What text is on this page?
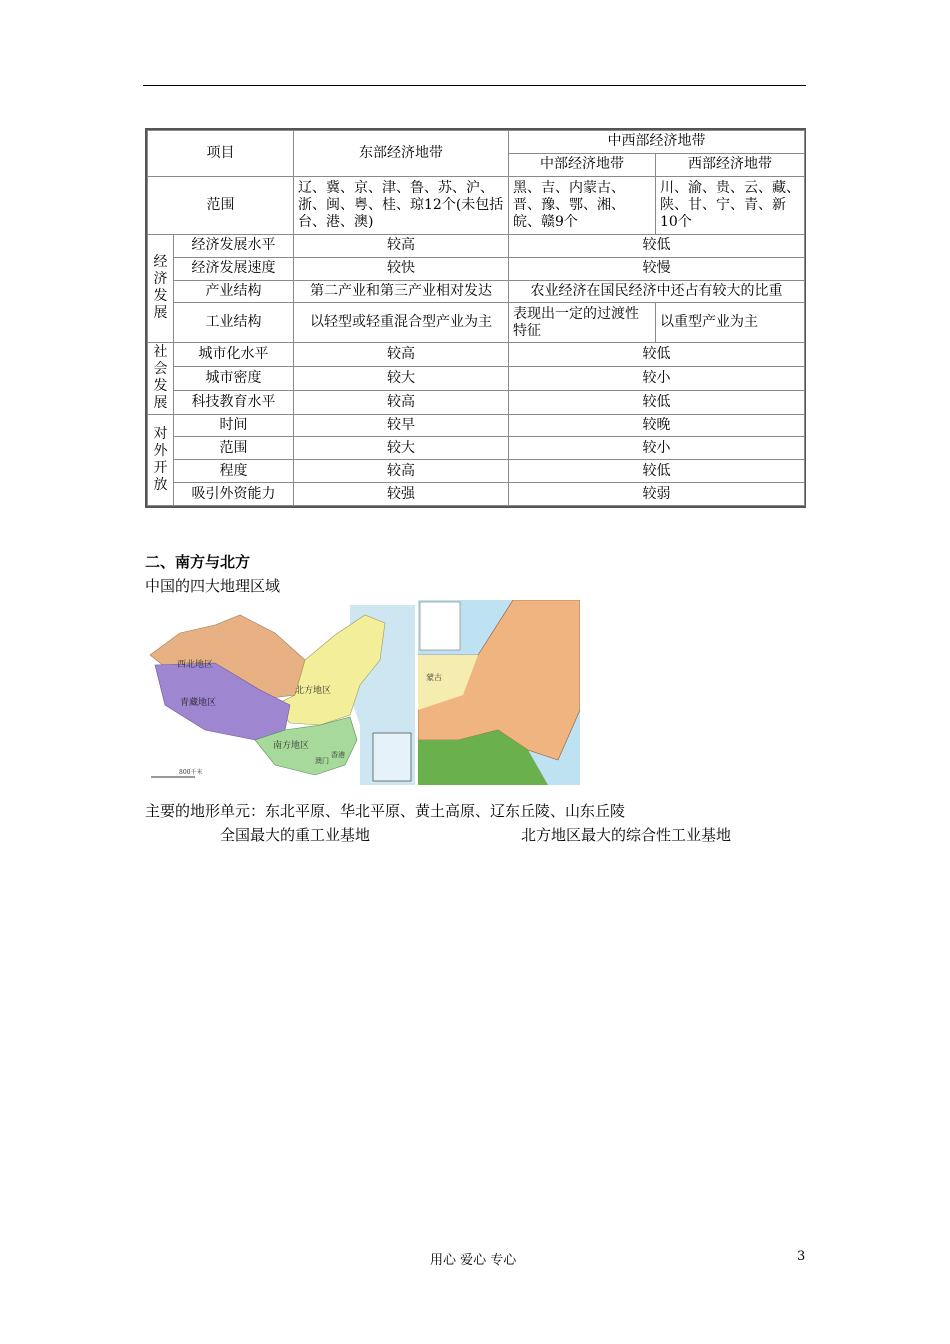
项目		东部经济地带	中西部经济地带	
			中部经济地带	西部经济地带
范围		辽、冀、京、津、鲁、苏、沪、浙、闽、粤、桂、琼12个(未包括台、港、澳)	黑、吉、内蒙古、晋、豫、鄂、湘、皖、赣9个	川、渝、贵、云、藏、陕、甘、宁、青、新10个
经
济
发
展	经济发展水平	较高	较低	
	经济发展速度	较快	较慢	
	产业结构	第二产业和第三产业相对发达	农业经济在国民经济中还占有较大的比重	
	工业结构	以轻型或轻重混合型产业为主	表现出一定的过渡性特征	以重型产业为主
社
会
发
展	城市化水平	较高	较低	
	城市密度	较大	较小	
	科技教育水平	较高	较低	
对
外
开
放	时间	较早	较晚	
	范围	较大	较小	
	程度	较高	较低	
	吸引外资能力	较强	较弱	
二、南方与北方
中国的四大地理区域
西北地区
青藏地区
北方地区
南方地区
澳门
香港
800千米
蒙古
主要的地形单元：东北平原、华北平原、黄土高原、辽东丘陵、山东丘陵
全国最大的重工业基地	北方地区最大的综合性工业基地
用心 爱心 专心	3
